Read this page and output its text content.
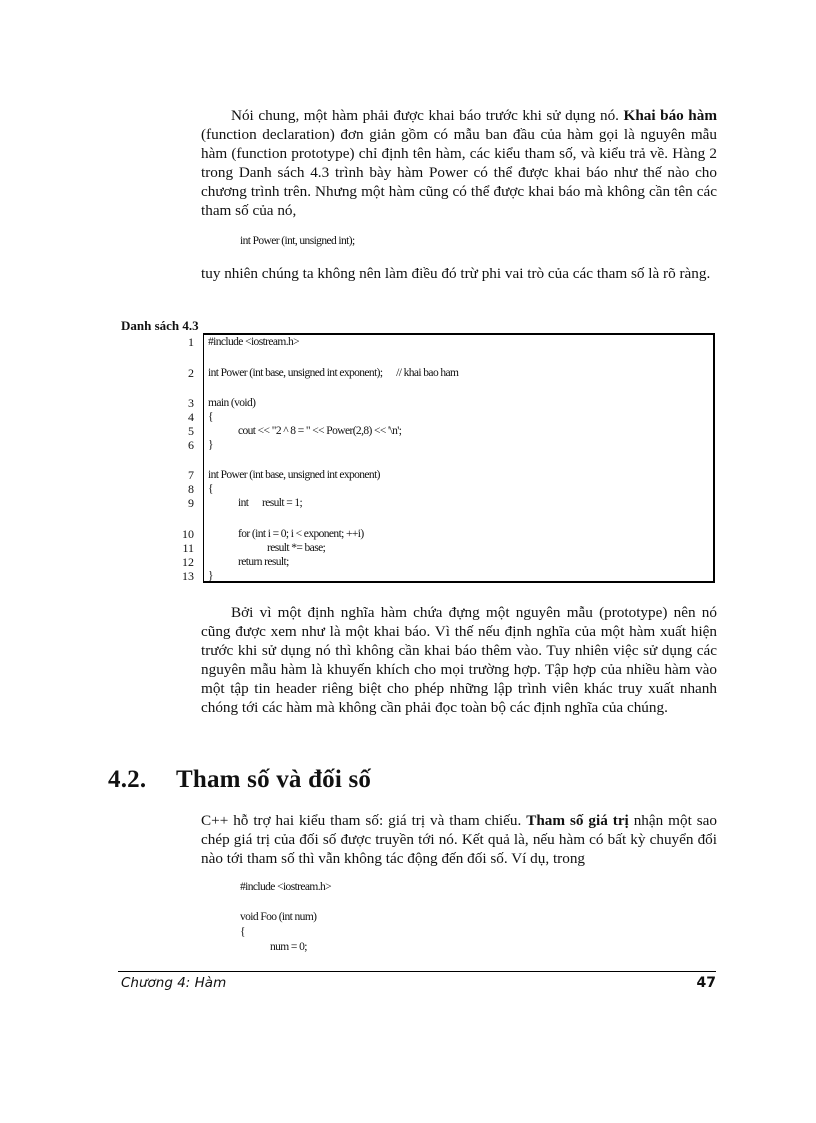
Nói chung, một hàm phải được khai báo trước khi sử dụng nó. Khai báo hàm (function declaration) đơn giản gồm có mẫu ban đầu của hàm gọi là nguyên mẫu hàm (function prototype) chỉ định tên hàm, các kiểu tham số, và kiểu trả về. Hàng 2 trong Danh sách 4.3 trình bày hàm Power có thể được khai báo như thế nào cho chương trình trên. Nhưng một hàm cũng có thể được khai báo mà không cần tên các tham số của nó,

int Power (int, unsigned int);

tuy nhiên chúng ta không nên làm điều đó trừ phi vai trò của các tham số là rõ ràng.

Danh sách 4.3
1
2
3
4
5
6
7
8
9
10
11
12
13
#include <iostream.h>
int Power (int base, unsigned int exponent);      // khai bao ham
main (void)
{
cout << "2 ^ 8 = " << Power(2,8) << '\n';
}
int Power (int base, unsigned int exponent)
{
int      result = 1;
for (int i = 0; i < exponent; ++i)
result *= base;
return result;
}

Bởi vì một định nghĩa hàm chứa đựng một nguyên mẫu (prototype) nên nó cũng được xem như là một khai báo. Vì thế nếu định nghĩa của một hàm xuất hiện trước khi sử dụng nó thì không cần khai báo thêm vào. Tuy nhiên việc sử dụng các nguyên mẫu hàm là khuyến khích cho mọi trường hợp. Tập hợp của nhiều hàm vào một tập tin header riêng biệt cho phép những lập trình viên khác truy xuất nhanh chóng tới các hàm mà không cần phải đọc toàn bộ các định nghĩa của chúng.

4.2. Tham số và đối số

C++ hỗ trợ hai kiểu tham số: giá trị và tham chiếu. Tham số giá trị nhận một sao chép giá trị của đối số được truyền tới nó. Kết quả là, nếu hàm có bất kỳ chuyển đổi nào tới tham số thì vẫn không tác động đến đối số. Ví dụ, trong

#include <iostream.h>
void Foo (int num)
{
num = 0;
Chương 4: Hàm	47
